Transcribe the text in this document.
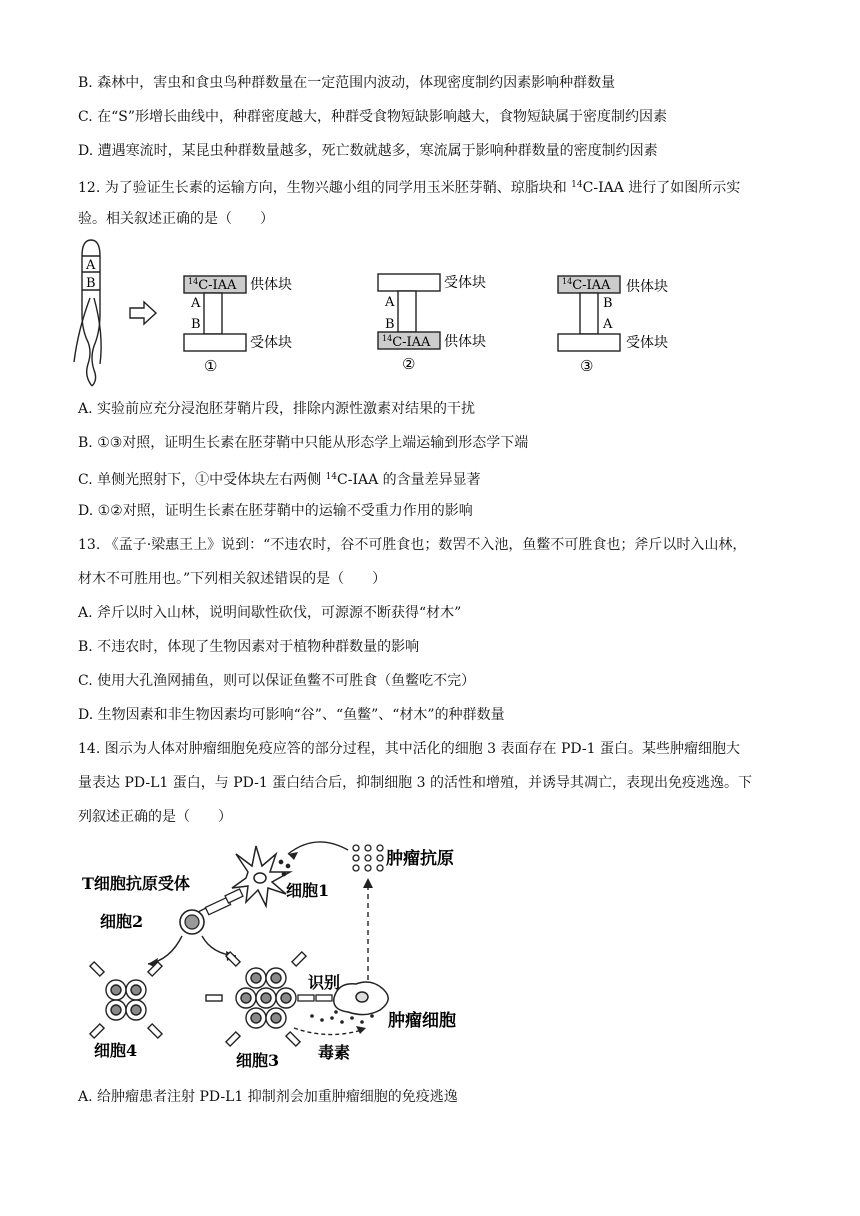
B. 森林中，害虫和食虫鸟种群数量在一定范围内波动，体现密度制约因素影响种群数量
C. 在“S”形增长曲线中，种群密度越大，种群受食物短缺影响越大，食物短缺属于密度制约因素
D. 遭遇寒流时，某昆虫种群数量越多，死亡数就越多，寒流属于影响种群数量的密度制约因素
12. 为了验证生长素的运输方向，生物兴趣小组的同学用玉米胚芽鞘、琼脂块和 $^{14}$C-IAA 进行了如图所示实
验。相关叙述正确的是（　　）
A
B	$^{14}$C-IAA 供体块
A
B
受体块
①
受体块
A
B
$^{14}$C-IAA 供体块
②
$^{14}$C-IAA 供体块
B
A
受体块
③
A. 实验前应充分浸泡胚芽鞘片段，排除内源性激素对结果的干扰
B. ①③对照，证明生长素在胚芽鞘中只能从形态学上端运输到形态学下端
C. 单侧光照射下，①中受体块左右两侧 $^{14}$C-IAA 的含量差异显著
D. ①②对照，证明生长素在胚芽鞘中的运输不受重力作用的影响
13. 《孟子·梁惠王上》说到：“不违农时，谷不可胜食也；数罟不入池，鱼鳖不可胜食也；斧斤以时入山林，
材木不可胜用也。”下列相关叙述错误的是（　　）
A. 斧斤以时入山林，说明间歇性砍伐，可源源不断获得“材木”
B. 不违农时，体现了生物因素对于植物种群数量的影响
C. 使用大孔渔网捕鱼，则可以保证鱼鳖不可胜食（鱼鳖吃不完）
D. 生物因素和非生物因素均可影响“谷”、“鱼鳖”、“材木”的种群数量
14. 图示为人体对肿瘤细胞免疫应答的部分过程，其中活化的细胞 3 表面存在 PD-1 蛋白。某些肿瘤细胞大
量表达 PD-L1 蛋白，与 PD-1 蛋白结合后，抑制细胞 3 的活性和增殖，并诱导其凋亡，表现出免疫逃逸。下
列叙述正确的是（　　）
肿瘤抗原
细胞1
T细胞抗原受体
细胞2
细胞4
细胞3
识别
肿瘤细胞
毒素
A. 给肿瘤患者注射 PD-L1 抑制剂会加重肿瘤细胞的免疫逃逸
